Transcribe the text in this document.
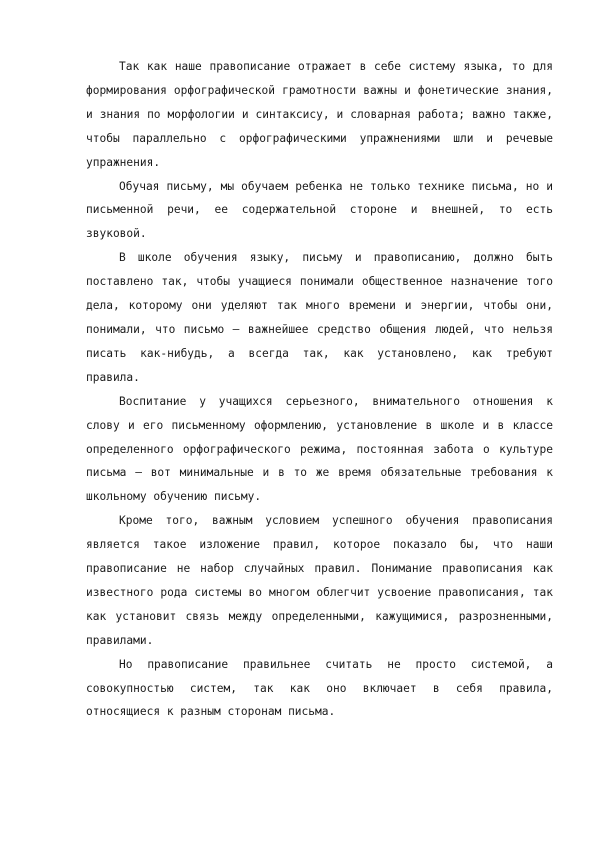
Так как наше правописание отражает в себе систему языка, то для формирования орфографической грамотности важны и фонетические знания, и знания по морфологии и синтаксису, и словарная работа; важно также, чтобы параллельно с орфографическими упражнениями шли и речевые упражнения.

Обучая письму, мы обучаем ребенка не только технике письма, но и письменной речи, ее содержательной стороне и внешней, то есть звуковой.

В школе обучения языку, письму и правописанию, должно быть поставлено так, чтобы учащиеся понимали общественное назначение того дела, которому они уделяют так много времени и энергии, чтобы они, понимали, что письмо – важнейшее средство общения людей, что нельзя писать как-нибудь, а всегда так, как установлено, как требуют правила.

Воспитание у учащихся серьезного, внимательного отношения к слову и его письменному оформлению, установление в школе и в классе определенного орфографического режима, постоянная забота о культуре письма – вот минимальные и в то же время обязательные требования к школьному обучению письму.

Кроме того, важным условием успешного обучения правописания является такое изложение правил, которое показало бы, что наши правописание не набор случайных правил. Понимание правописания как известного рода системы во многом облегчит усвоение правописания, так как установит связь между определенными, кажущимися, разрозненными, правилами.

Но правописание правильнее считать не просто системой, а совокупностью систем, так как оно включает в себя правила, относящиеся к разным сторонам письма.
